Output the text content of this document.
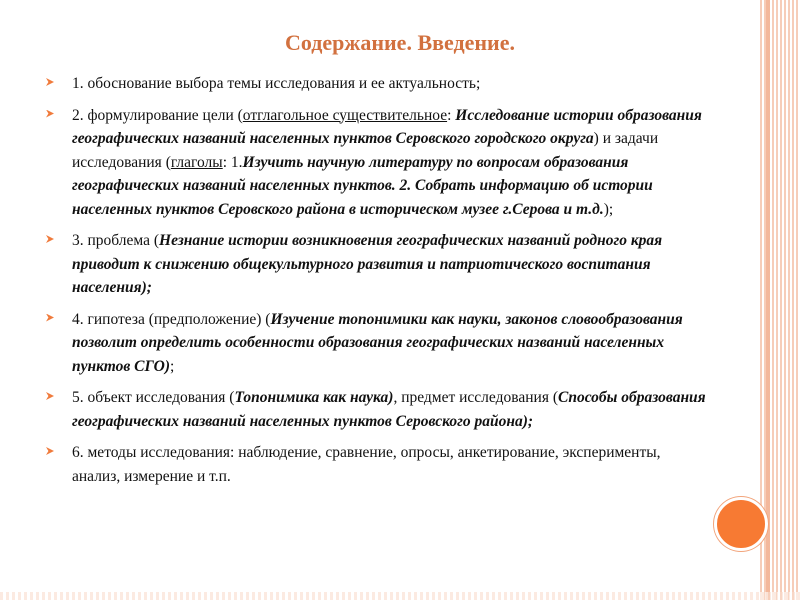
Содержание. Введение.
1. обоснование выбора темы исследования и ее актуальность;
2. формулирование цели (отглагольное существительное: Исследование истории образования географических названий населенных пунктов Серовского городского округа) и задачи исследования (глаголы: 1.Изучить научную литературу по вопросам образования географических названий населенных пунктов. 2. Собрать информацию об истории населенных пунктов Серовского района в историческом музее г.Серова и т.д.);
3. проблема (Незнание истории возникновения географических названий родного края приводит к снижению общекультурного развития и патриотического воспитания населения);
4. гипотеза (предположение) (Изучение топонимики как науки, законов словообразования позволит определить особенности образования географических названий населенных пунктов СГО);
5. объект исследования (Топонимика как наука), предмет исследования (Способы образования географических названий населенных пунктов Серовского района);
6. методы исследования: наблюдение, сравнение, опросы, анкетирование, эксперименты, анализ, измерение и т.п.
